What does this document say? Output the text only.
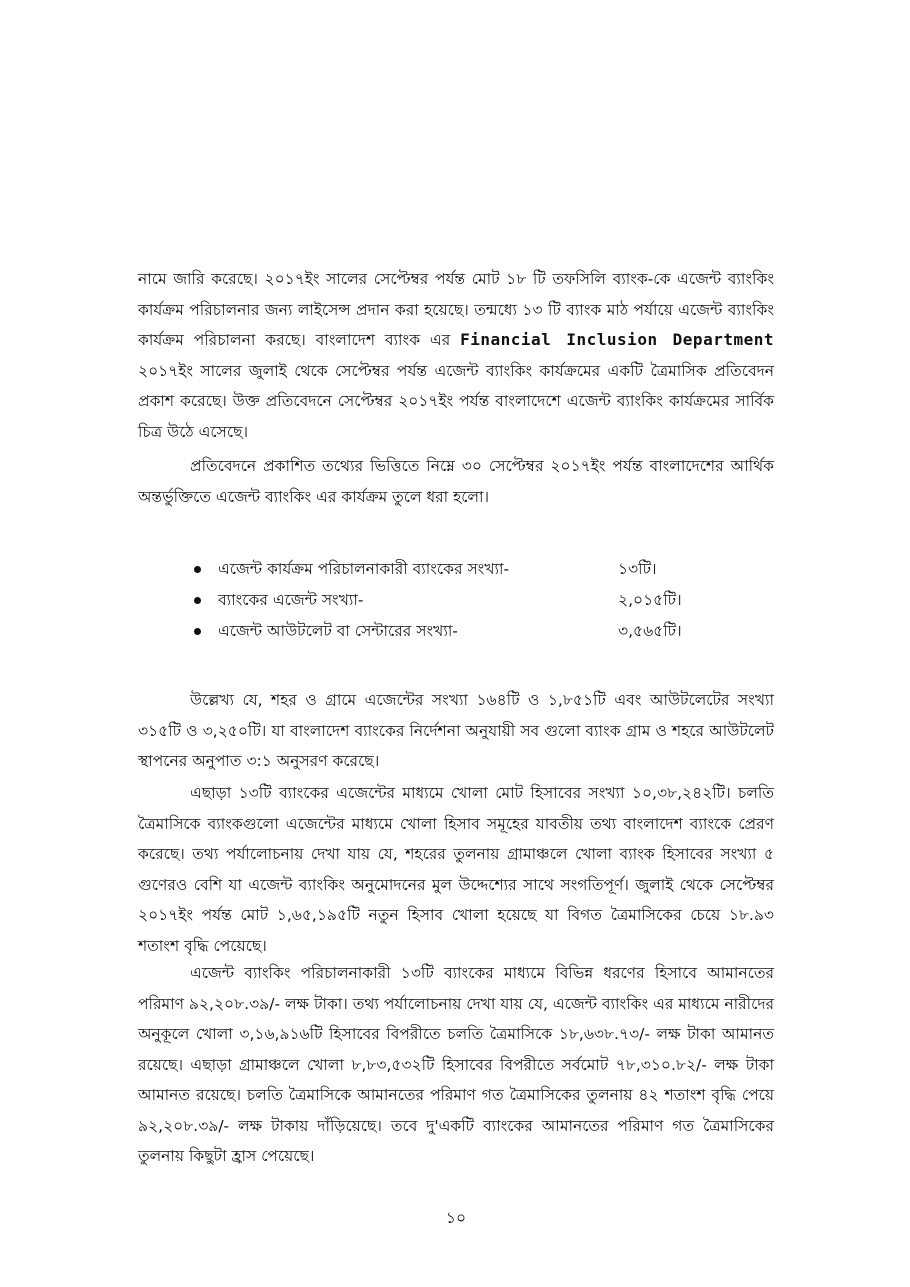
নামে জারি করেছে। ২০১৭ইং সালের সেপ্টেম্বর পর্যন্ত মোট ১৮ টি তফসিলি ব্যাংক-কে এজেন্ট ব্যাংকিং কার্যক্রম পরিচালনার জন্য লাইসেন্স প্রদান করা হয়েছে। তন্মধ্যে ১৩ টি ব্যাংক মাঠ পর্যায়ে এজেন্ট ব্যাংকিং কার্যক্রম পরিচালনা করছে। বাংলাদেশ ব্যাংক এর Financial Inclusion Department ২০১৭ইং সালের জুলাই থেকে সেপ্টেম্বর পর্যন্ত এজেন্ট ব্যাংকিং কার্যক্রমের একটি ত্রৈমাসিক প্রতিবেদন প্রকাশ করেছে। উক্ত প্রতিবেদনে সেপ্টেম্বর ২০১৭ইং পর্যন্ত বাংলাদেশে এজেন্ট ব্যাংকিং কার্যক্রমের সার্বিক চিত্র উঠে এসেছে।

প্রতিবেদনে প্রকাশিত তথ্যের ভিত্তিতে নিম্নে ৩০ সেপ্টেম্বর ২০১৭ইং পর্যন্ত বাংলাদেশের আর্থিক অন্তর্ভুক্তিতে এজেন্ট ব্যাংকিং এর কার্যক্রম তুলে ধরা হলো।

এজেন্ট কার্যক্রম পরিচালনাকারী ব্যাংকের সংখ্যা-	১৩টি।
ব্যাংকের এজেন্ট সংখ্যা-	২,০১৫টি।
এজেন্ট আউটলেট বা সেন্টারের সংখ্যা-	৩,৫৬৫টি।

উল্লেখ্য যে, শহর ও গ্রামে এজেন্টের সংখ্যা ১৬৪টি ও ১,৮৫১টি এবং আউটলেটের সংখ্যা ৩১৫টি ও ৩,২৫০টি। যা বাংলাদেশ ব্যাংকের নির্দেশনা অনুযায়ী সব গুলো ব্যাংক গ্রাম ও শহরে আউটলেট স্থাপনের অনুপাত ৩:১ অনুসরণ করেছে।

এছাড়া ১৩টি ব্যাংকের এজেন্টের মাধ্যমে খোলা মোট হিসাবের সংখ্যা ১০,৩৮,২৪২টি। চলতি ত্রৈমাসিকে ব্যাংকগুলো এজেন্টের মাধ্যমে খোলা হিসাব সমূহের যাবতীয় তথ্য বাংলাদেশ ব্যাংকে প্রেরণ করেছে। তথ্য পর্যালোচনায় দেখা যায় যে, শহরের তুলনায় গ্রামাঞ্চলে খোলা ব্যাংক হিসাবের সংখ্যা ৫ গুণেরও বেশি যা এজেন্ট ব্যাংকিং অনুমোদনের মুল উদ্দেশ্যের সাথে সংগতিপূর্ণ। জুলাই থেকে সেপ্টেম্বর ২০১৭ইং পর্যন্ত মোট ১,৬৫,১৯৫টি নতুন হিসাব খোলা হয়েছে যা বিগত ত্রৈমাসিকের চেয়ে ১৮.৯৩ শতাংশ বৃদ্ধি পেয়েছে।

এজেন্ট ব্যাংকিং পরিচালনাকারী ১৩টি ব্যাংকের মাধ্যমে বিভিন্ন ধরণের হিসাবে আমানতের পরিমাণ ৯২,২০৮.৩৯/- লক্ষ টাকা। তথ্য পর্যালোচনায় দেখা যায় যে, এজেন্ট ব্যাংকিং এর মাধ্যমে নারীদের অনুকূলে খোলা ৩,১৬,৯১৬টি হিসাবের বিপরীতে চলতি ত্রৈমাসিকে ১৮,৬৩৮.৭৩/- লক্ষ টাকা আমানত রয়েছে। এছাড়া গ্রামাঞ্চলে খোলা ৮,৮৩,৫৩২টি হিসাবের বিপরীতে সর্বমোট ৭৮,৩১০.৮২/- লক্ষ টাকা আমানত রয়েছে। চলতি ত্রৈমাসিকে আমানতের পরিমাণ গত ত্রৈমাসিকের তুলনায় ৪২ শতাংশ বৃদ্ধি পেয়ে ৯২,২০৮.৩৯/- লক্ষ টাকায় দাঁড়িয়েছে। তবে দু'একটি ব্যাংকের আমানতের পরিমাণ গত ত্রৈমাসিকের তুলনায় কিছুটা হ্রাস পেয়েছে।

১০
